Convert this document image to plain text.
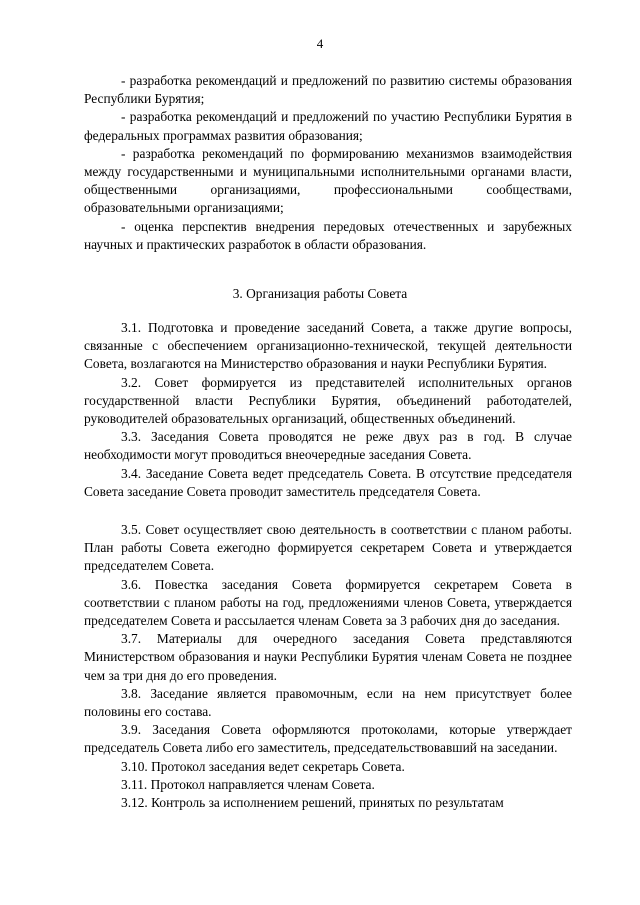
4

- разработка рекомендаций и предложений по развитию системы образования Республики Бурятия;

- разработка рекомендаций и предложений по участию Республики Бурятия в федеральных программах развития образования;

- разработка рекомендаций по формированию механизмов взаимодействия между государственными и муниципальными исполнительными органами власти, общественными организациями, профессиональными сообществами, образовательными организациями;

- оценка перспектив внедрения передовых отечественных и зарубежных научных и практических разработок в области образования.

3. Организация работы Совета

3.1. Подготовка и проведение заседаний Совета, а также другие вопросы, связанные с обеспечением организационно-технической, текущей деятельности Совета, возлагаются на Министерство образования и науки Республики Бурятия.

3.2. Совет формируется из представителей исполнительных органов государственной власти Республики Бурятия, объединений работодателей, руководителей образовательных организаций, общественных объединений.

3.3. Заседания Совета проводятся не реже двух раз в год. В случае необходимости могут проводиться внеочередные заседания Совета.

3.4. Заседание Совета ведет председатель Совета. В отсутствие председателя Совета заседание Совета проводит заместитель председателя Совета.

3.5. Совет осуществляет свою деятельность в соответствии с планом работы. План работы Совета ежегодно формируется секретарем Совета и утверждается председателем Совета.

3.6. Повестка заседания Совета формируется секретарем Совета в соответствии с планом работы на год, предложениями членов Совета, утверждается председателем Совета и рассылается членам Совета за 3 рабочих дня до заседания.

3.7. Материалы для очередного заседания Совета представляются Министерством образования и науки Республики Бурятия членам Совета не позднее чем за три дня до его проведения.

3.8. Заседание является правомочным, если на нем присутствует более половины его состава.

3.9. Заседания Совета оформляются протоколами, которые утверждает председатель Совета либо его заместитель, председательствовавший на заседании.

3.10. Протокол заседания ведет секретарь Совета.

3.11. Протокол направляется членам Совета.

3.12. Контроль за исполнением решений, принятых по результатам
